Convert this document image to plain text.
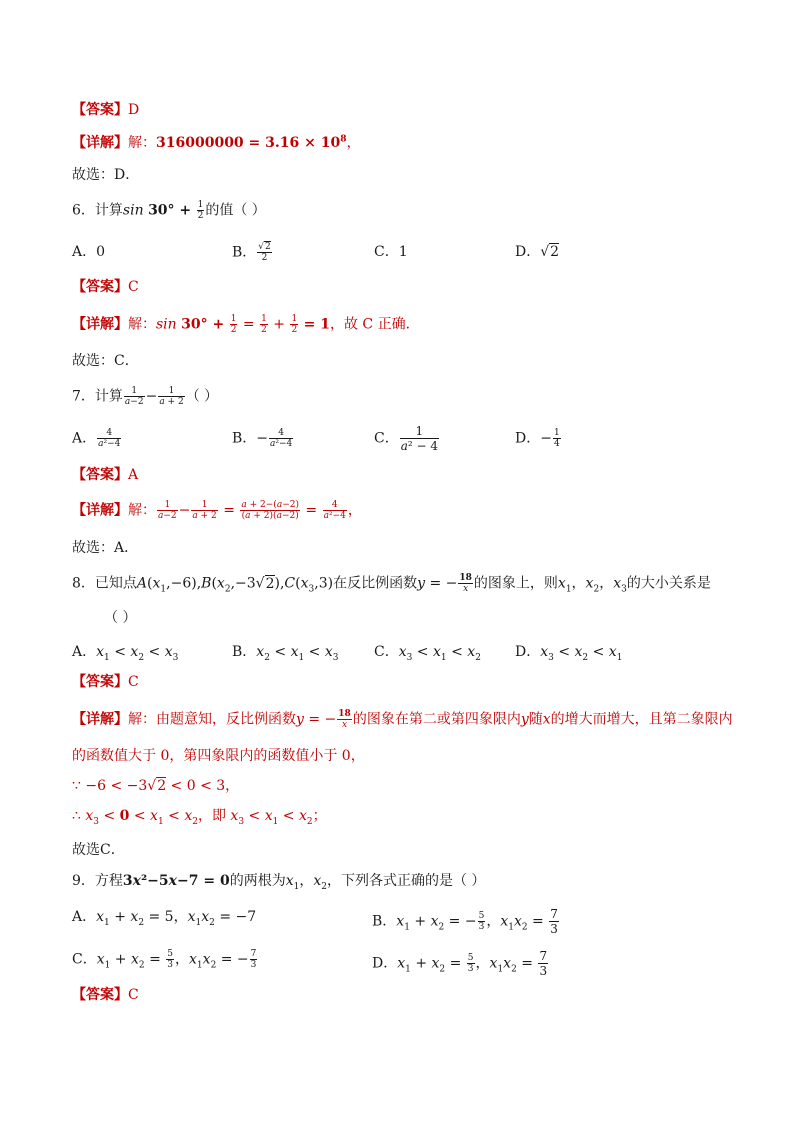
【答案】D
【详解】解：$316000000 = 3.16 \times 10^8$，
故选：D．
6．计算$\sin 30^\circ + \frac{1}{2}$ 的值（ ）
A．0	B． $\frac{√2}{2}$	C．1	D．√2
【答案】C
【详解】解：$\sin 30^\circ + \frac{1}{2} = \frac{1}{2} + \frac{1}{2} = 1$，故 C 正确．
故选：C．
7．计算 $\frac{1}{a-2} - \frac{1}{a + 2}$ （ ）
A． $\frac{4}{\text{a²−4}}$	B．− $\frac{4}{\text{a²−4}}$	C． $\frac{1}{\text{a² − 4}}$	D．− $\frac{1}{4}$
【答案】A
【详解】解： $\frac{1}{a-2} - \frac{1}{a + 2} = \frac{a + 2-(a-2)}{(a + 2)(a-2)} = \frac{4}{\text{a²−4}}$ ，
故选：A．
8．已知点$A(x_1,-6),B(x_2,-3√2),C(x_3,3)$在反比例函数y = − $\frac{18}{x}$ 的图象上，则$x_1$，$x_2$，$x_3$的大小关系是
（ ）
A．$x_1 < x_2 < x_3$	B．$x_2 < x_1 < x_3$	C．$x_3 < x_1 < x_2$ D．$x_3 < x_2 < x_1$
【答案】C
【详解】解：由题意知，反比例函数y = − $\frac{18}{x}$ 的图象在第二或第四象限内y随x的增大而增大，且第二象限内
的函数值大于 0，第四象限内的函数值小于 0，
∵ −6 < −3√2 < 0 < 3，
∴ $x_3 < 0 < x_1 < x_2$，即 $x_3 < x_1 < x_2$；
故选C．
9．方程3x²−5x−7 = 0的两根为$x_1$，$x_2$，下列各式正确的是（ ）
A．$x_1 + x_2 = 5$，$x_1x_2 = -7$	B．$x_1 + x_2$ = − $\frac{5}{3}$ ，$x_1x_2 = \frac{7}{3}$
C．$x_1 + x_2 = \frac{5}{3}$ ，$x_1x_2$ = − $\frac{7}{3}$	D．$x_1 + x_2 = \frac{5}{3}$ ，$x_1x_2 = \frac{7}{3}$
【答案】C
